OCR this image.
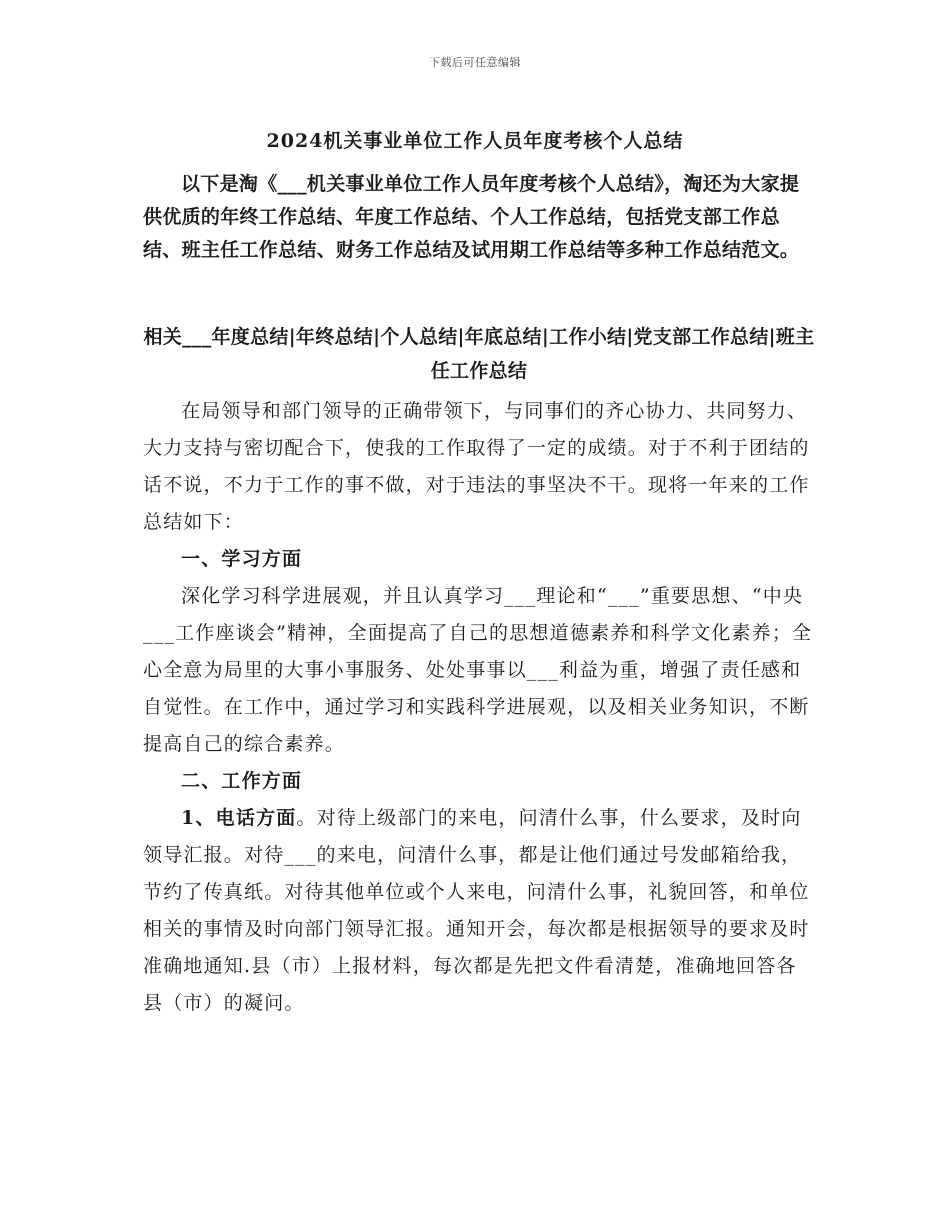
下载后可任意编辑
2024机关事业单位工作人员年度考核个人总结

以下是淘《___机关事业单位工作人员年度考核个人总结》，淘还为大家提供优质的年终工作总结、年度工作总结、个人工作总结，包括党支部工作总结、班主任工作总结、财务工作总结及试用期工作总结等多种工作总结范文。

相关___年度总结|年终总结|个人总结|年底总结|工作小结|党支部工作总结|班主任工作总结

在局领导和部门领导的正确带领下，与同事们的齐心协力、共同努力、大力支持与密切配合下，使我的工作取得了一定的成绩。对于不利于团结的话不说，不力于工作的事不做，对于违法的事坚决不干。现将一年来的工作总结如下：

一、学习方面

深化学习科学进展观，并且认真学习___理论和“___”重要思想、“中央___工作座谈会”精神，全面提高了自己的思想道德素养和科学文化素养；全心全意为局里的大事小事服务、处处事事以___利益为重，增强了责任感和自觉性。在工作中，通过学习和实践科学进展观，以及相关业务知识，不断提高自己的综合素养。

二、工作方面

1、电话方面。对待上级部门的来电，问清什么事，什么要求，及时向领导汇报。对待___的来电，问清什么事，都是让他们通过号发邮箱给我，节约了传真纸。对待其他单位或个人来电，问清什么事，礼貌回答，和单位相关的事情及时向部门领导汇报。通知开会，每次都是根据领导的要求及时准确地通知.县（市）上报材料，每次都是先把文件看清楚，准确地回答各县（市）的凝问。
